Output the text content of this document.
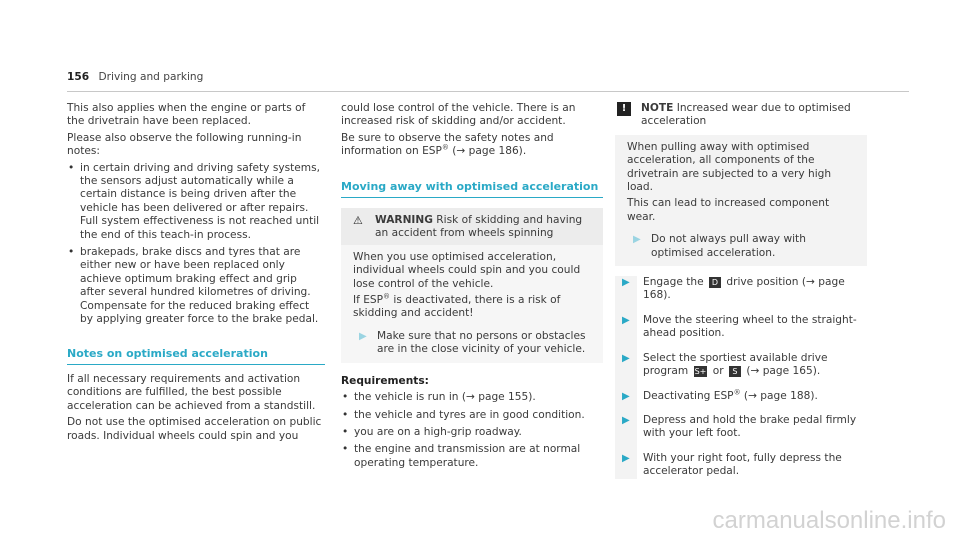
156 Driving and parking

This also applies when the engine or parts of the drivetrain have been replaced.

Please also observe the following running-in notes:

• in certain driving and driving safety systems, the sensors adjust automatically while a certain distance is being driven after the vehicle has been delivered or after repairs. Full system effectiveness is not reached until the end of this teach-in process.
• brakepads, brake discs and tyres that are either new or have been replaced only achieve optimum braking effect and grip after several hundred kilometres of driving. Compensate for the reduced braking effect by applying greater force to the brake pedal.
Notes on optimised acceleration

If all necessary requirements and activation conditions are fulfilled, the best possible acceleration can be achieved from a standstill.

Do not use the optimised acceleration on public roads. Individual wheels could spin and you

could lose control of the vehicle. There is an increased risk of skidding and/or accident.

Be sure to observe the safety notes and information on ESP® (→ page 186).

Moving away with optimised acceleration
⚠	WARNING Risk of skidding and having an accident from wheels spinning

When you use optimised acceleration, individual wheels could spin and you could lose control of the vehicle.

If ESP® is deactivated, there is a risk of skidding and accident!

▶ Make sure that no persons or obstacles are in the close vicinity of your vehicle.

Requirements:

• the vehicle is run in (→ page 155).
• the vehicle and tyres are in good condition.
• you are on a high-grip roadway.
• the engine and transmission are at normal operating temperature.
!	NOTE Increased wear due to optimised acceleration

When pulling away with optimised acceleration, all components of the drivetrain are subjected to a very high load.

This can lead to increased component wear.

▶ Do not always pull away with optimised acceleration.
▶ Engage the D drive position (→ page 168).
▶ Move the steering wheel to the straight-ahead position.
▶ Select the sportiest available drive program S+ or S (→ page 165).
▶ Deactivating ESP® (→ page 188).
▶ Depress and hold the brake pedal firmly with your left foot.
▶ With your right foot, fully depress the accelerator pedal.
carmanualsonline.info
